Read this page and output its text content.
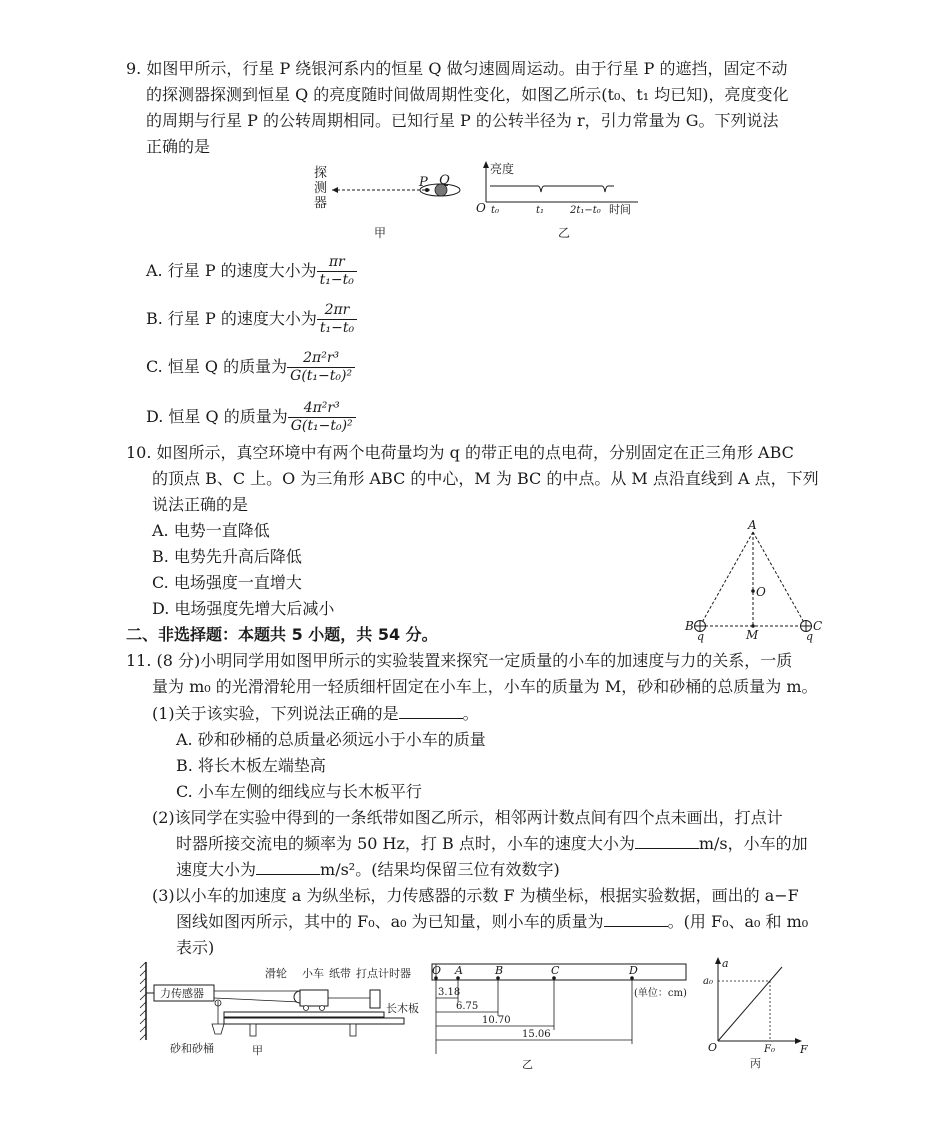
9. 如图甲所示，行星 P 绕银河系内的恒星 Q 做匀速圆周运动。由于行星 P 的遮挡，固定不动
的探测器探测到恒星 Q 的亮度随时间做周期性变化，如图乙所示(t₀、t₁ 均已知)，亮度变化
的周期与行星 P 的公转周期相同。已知行星 P 的公转半径为 r，引力常量为 G。下列说法
正确的是
探
测
器
P Q
甲
亮度
O t₀	t₁	2t₁−t₀ 时间
乙
A. 行星 P 的速度大小为 $\frac{\pi r}{\text{t₁−t₀}}$
B. 行星 P 的速度大小为 $\frac{2\pi r}{\text{t₁−t₀}}$
C. 恒星 Q 的质量为 $\frac{\text{2π²r³}}{\text{G(t₁−t₀)²}}$
D. 恒星 Q 的质量为 $\frac{\text{4π²r³}}{\text{G(t₁−t₀)²}}$
10. 如图所示，真空环境中有两个电荷量均为 q 的带正电的点电荷，分别固定在正三角形 ABC
的顶点 B、C 上。O 为三角形 ABC 的中心，M 为 BC 的中点。从 M 点沿直线到 A 点，下列
说法正确的是
A. 电势一直降低
B. 电势先升高后降低
C. 电场强度一直增大
D. 电场强度先增大后减小
A
O
B	C
M
q	q
二、非选择题：本题共 5 小题，共 54 分。
11. (8 分)小明同学用如图甲所示的实验装置来探究一定质量的小车的加速度与力的关系，一质
量为 m₀ 的光滑滑轮用一轻质细杆固定在小车上，小车的质量为 M，砂和砂桶的总质量为 m。
(1)关于该实验，下列说法正确的是	。
A. 砂和砂桶的总质量必须远小于小车的质量
B. 将长木板左端垫高
C. 小车左侧的细线应与长木板平行
(2)该同学在实验中得到的一条纸带如图乙所示，相邻两计数点间有四个点未画出，打点计
时器所接交流电的频率为 50 Hz，打 B 点时，小车的速度大小为	m/s，小车的加
速度大小为	m/s²。(结果均保留三位有效数字)
(3)以小车的加速度 a 为纵坐标，力传感器的示数 F 为横坐标，根据实验数据，画出的 a−F
图线如图丙所示，其中的 F₀、a₀ 为已知量，则小车的质量为	。(用 F₀、a₀ 和 m₀
表示)
力传感器
砂和砂桶
滑轮 小车 纸带 打点计时器
长木板
甲
O A	B	C	D
3.18
6.75
10.70
15.06
(单位：cm)
乙
a
a₀
O	F₀ F
丙
